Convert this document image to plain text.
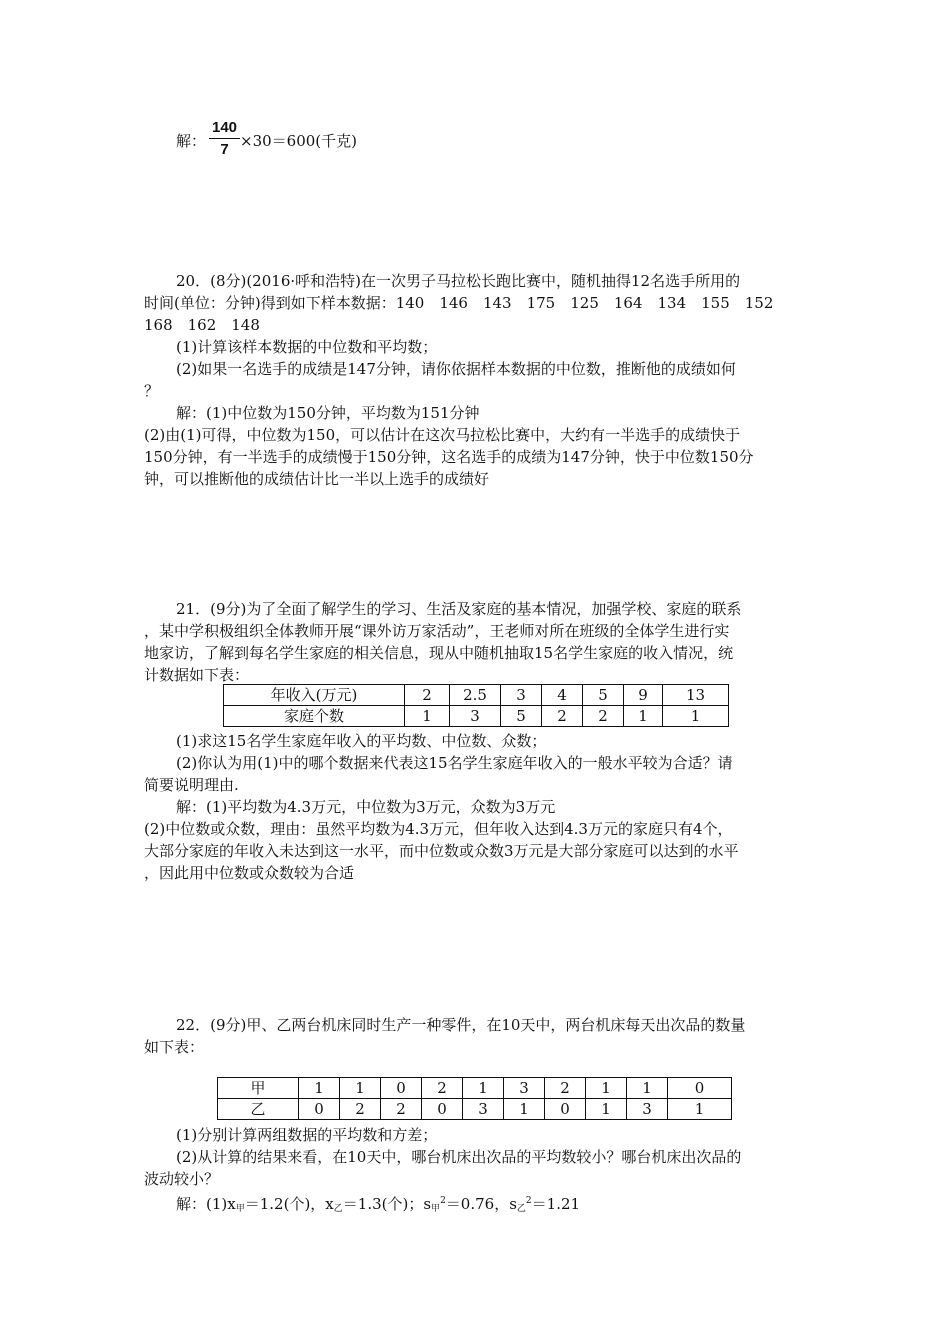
解： $\frac{140}{7} \times 30=600$(千克)
20．(8分)(2016·呼和浩特)在一次男子马拉松长跑比赛中，随机抽得12名选手所用的
时间(单位：分钟)得到如下样本数据：140　146　143　175　125　164　134　155　152
168　162　148
(1)计算该样本数据的中位数和平均数；
(2)如果一名选手的成绩是147分钟，请你依据样本数据的中位数，推断他的成绩如何
？
解：(1)中位数为150分钟，平均数为151分钟
(2)由(1)可得，中位数为150，可以估计在这次马拉松比赛中，大约有一半选手的成绩快于
150分钟，有一半选手的成绩慢于150分钟，这名选手的成绩为147分钟，快于中位数150分
钟，可以推断他的成绩估计比一半以上选手的成绩好
21．(9分)为了全面了解学生的学习、生活及家庭的基本情况，加强学校、家庭的联系
，某中学积极组织全体教师开展“课外访万家活动”，王老师对所在班级的全体学生进行实
地家访，了解到每名学生家庭的相关信息，现从中随机抽取15名学生家庭的收入情况，统
计数据如下表：
年收入(万元)	2	2.5	3	4	5	9	13
家庭个数	1	3	5	2	2	1	1
(1)求这15名学生家庭年收入的平均数、中位数、众数；
(2)你认为用(1)中的哪个数据来代表这15名学生家庭年收入的一般水平较为合适？请
简要说明理由.
解：(1)平均数为4.3万元，中位数为3万元，众数为3万元
(2)中位数或众数，理由：虽然平均数为4.3万元，但年收入达到4.3万元的家庭只有4个，
大部分家庭的年收入未达到这一水平，而中位数或众数3万元是大部分家庭可以达到的水平
，因此用中位数或众数较为合适
22．(9分)甲、乙两台机床同时生产一种零件，在10天中，两台机床每天出次品的数量
如下表：
甲	1	1	0	2	1	3	2	1	1	0
乙	0	2	2	0	3	1	0	1	3	1
(1)分别计算两组数据的平均数和方差；
(2)从计算的结果来看，在10天中，哪台机床出次品的平均数较小？哪台机床出次品的
波动较小？
解：$(1)x_甲=1.2$(个)，$x_乙=1.3$(个)；$s_甲^2=0.76$，$s_乙^2=1.21$
